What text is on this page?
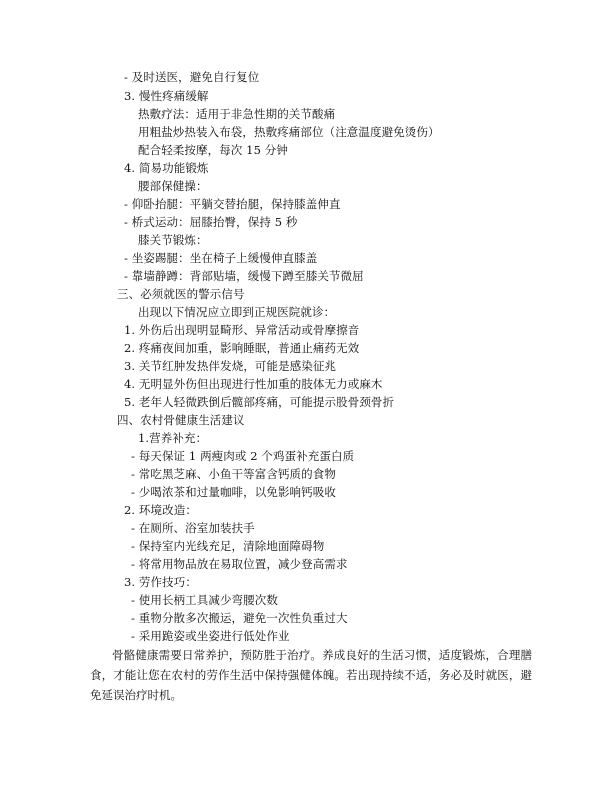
- 及时送医，避免自行复位
3. 慢性疼痛缓解
热敷疗法：适用于非急性期的关节酸痛
用粗盐炒热装入布袋，热敷疼痛部位（注意温度避免烫伤）
配合轻柔按摩，每次 15 分钟
4. 简易功能锻炼
腰部保健操：
- 仰卧抬腿：平躺交替抬腿，保持膝盖伸直
- 桥式运动：屈膝抬臀，保持 5 秒
膝关节锻炼：
- 坐姿踢腿：坐在椅子上缓慢伸直膝盖
- 靠墙静蹲：背部贴墙，缓慢下蹲至膝关节微屈
三、必须就医的警示信号
出现以下情况应立即到正规医院就诊：
1. 外伤后出现明显畸形、异常活动或骨摩擦音
2. 疼痛夜间加重，影响睡眠，普通止痛药无效
3. 关节红肿发热伴发烧，可能是感染征兆
4. 无明显外伤但出现进行性加重的肢体无力或麻木
5. 老年人轻微跌倒后髋部疼痛，可能提示股骨颈骨折
四、农村骨健康生活建议
1.营养补充：
- 每天保证 1 两瘦肉或 2 个鸡蛋补充蛋白质
- 常吃黑芝麻、小鱼干等富含钙质的食物
- 少喝浓茶和过量咖啡，以免影响钙吸收
2. 环境改造：
- 在厕所、浴室加装扶手
- 保持室内光线充足，清除地面障碍物
- 将常用物品放在易取位置，减少登高需求
3. 劳作技巧：
- 使用长柄工具减少弯腰次数
- 重物分散多次搬运，避免一次性负重过大
- 采用跪姿或坐姿进行低处作业
骨骼健康需要日常养护，预防胜于治疗。养成良好的生活习惯，适度锻炼，合理膳食，才能让您在农村的劳作生活中保持强健体魄。若出现持续不适，务必及时就医，避免延误治疗时机。
